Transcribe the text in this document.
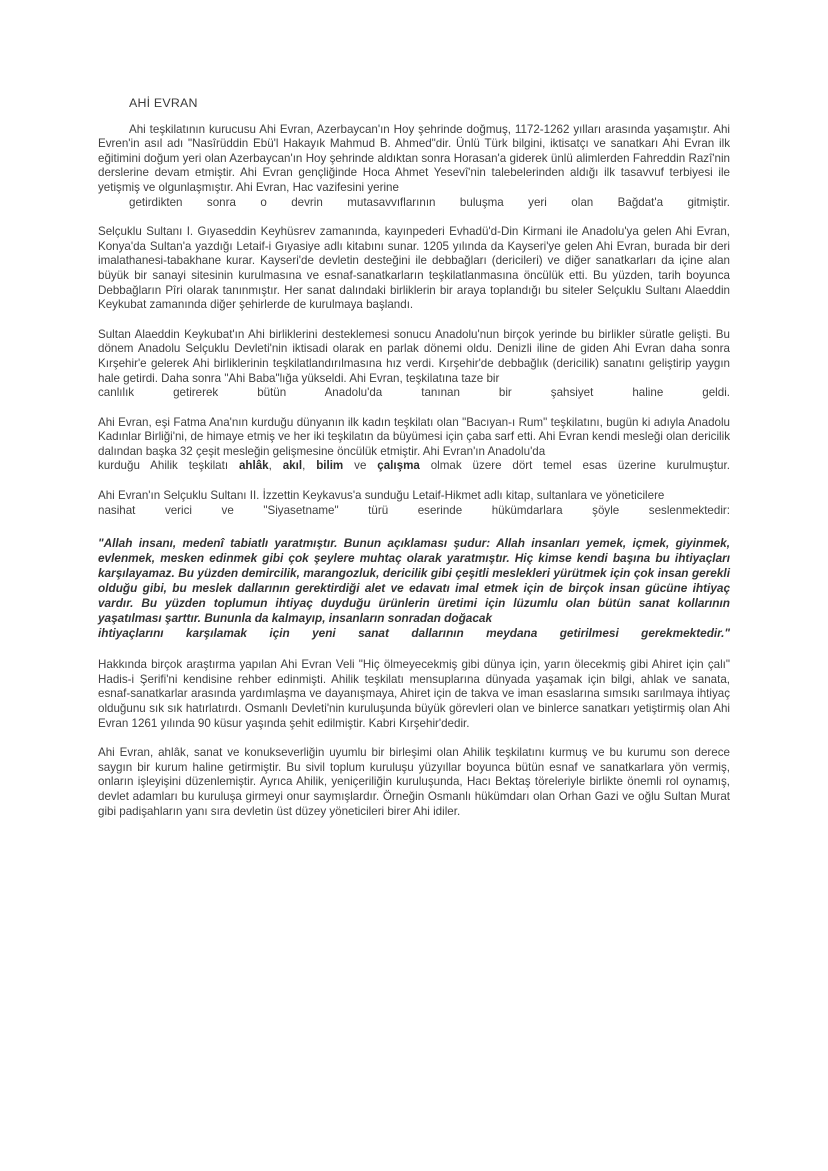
AHİ EVRAN

Ahi teşkilatının kurucusu Ahi Evran, Azerbaycan'ın Hoy şehrinde doğmuş, 1172-1262 yılları arasında yaşamıştır. Ahi Evren'in asıl adı "Nasîrüddin Ebü'l Hakayık Mahmud B. Ahmed"dir. Ünlü Türk bilgini, iktisatçı ve sanatkarı Ahi Evran ilk eğitimini doğum yeri olan Azerbaycan'ın Hoy şehrinde aldıktan sonra Horasan'a giderek ünlü alimlerden Fahreddin Razî'nin derslerine devam etmiştir. Ahi Evran gençliğinde Hoca Ahmet Yesevî'nin talebelerinden aldığı ilk tasavvuf terbiyesi ile yetişmiş ve olgunlaşmıştır. Ahi Evran, Hac vazifesini yerine
getirdikten sonra o devrin mutasavvıflarının buluşma yeri olan Bağdat'a gitmiştir.

Selçuklu Sultanı I. Gıyaseddin Keyhüsrev zamanında, kayınpederi Evhadü'd-Din Kirmani ile Anadolu'ya gelen Ahi Evran, Konya'da Sultan'a yazdığı Letaif-i Gıyasiye adlı kitabını sunar. 1205 yılında da Kayseri'ye gelen Ahi Evran, burada bir deri imalathanesi-tabakhane kurar. Kayseri'de devletin desteğini ile debbağları (dericileri) ve diğer sanatkarları da içine alan büyük bir sanayi sitesinin kurulmasına ve esnaf-sanatkarların teşkilatlanmasına öncülük etti. Bu yüzden, tarih boyunca Debbağların Pîri olarak tanınmıştır. Her sanat dalındaki birliklerin bir araya toplandığı bu siteler Selçuklu Sultanı Alaeddin Keykubat zamanında diğer şehirlerde de kurulmaya başlandı.

Sultan Alaeddin Keykubat'ın Ahi birliklerini desteklemesi sonucu Anadolu'nun birçok yerinde bu birlikler süratle gelişti. Bu dönem Anadolu Selçuklu Devleti'nin iktisadi olarak en parlak dönemi oldu. Denizli iline de giden Ahi Evran daha sonra Kırşehir'e gelerek Ahi birliklerinin teşkilatlandırılmasına hız verdi. Kırşehir'de debbağlık (dericilik) sanatını geliştirip yaygın hale getirdi. Daha sonra "Ahi Baba"lığa yükseldi. Ahi Evran, teşkilatına taze bir
canlılık getirerek bütün Anadolu'da tanınan bir şahsiyet haline geldi.

Ahi Evran, eşi Fatma Ana'nın kurduğu dünyanın ilk kadın teşkilatı olan "Bacıyan-ı Rum" teşkilatını, bugün ki adıyla Anadolu Kadınlar Birliği'ni, de himaye etmiş ve her iki teşkilatın da büyümesi için çaba sarf etti. Ahi Evran kendi mesleği olan dericilik dalından başka 32 çeşit mesleğin gelişmesine öncülük etmiştir. Ahi Evran'ın Anadolu'da
kurduğu Ahilik teşkilatı ahlâk, akıl, bilim ve çalışma olmak üzere dört temel esas üzerine kurulmuştur.

Ahi Evran'ın Selçuklu Sultanı II. İzzettin Keykavus'a sunduğu Letaif-Hikmet adlı kitap, sultanlara ve yöneticilere
nasihat verici ve "Siyasetname" türü eserinde hükümdarlara şöyle seslenmektedir:

"Allah insanı, medenî tabiatlı yaratmıştır. Bunun açıklaması şudur: Allah insanları yemek, içmek, giyinmek, evlenmek, mesken edinmek gibi çok şeylere muhtaç olarak yaratmıştır. Hiç kimse kendi başına bu ihtiyaçları karşılayamaz. Bu yüzden demircilik, marangozluk, dericilik gibi çeşitli meslekleri yürütmek için çok insan gerekli olduğu gibi, bu meslek dallarının gerektirdiği alet ve edavatı imal etmek için de birçok insan gücüne ihtiyaç vardır. Bu yüzden toplumun ihtiyaç duyduğu ürünlerin üretimi için lüzumlu olan bütün sanat kollarının yaşatılması şarttır. Bununla da kalmayıp, insanların sonradan doğacak
ihtiyaçlarını karşılamak için yeni sanat dallarının meydana getirilmesi gerekmektedir."

Hakkında birçok araştırma yapılan Ahi Evran Veli "Hiç ölmeyecekmiş gibi dünya için, yarın ölecekmiş gibi Ahiret için çalı" Hadis-i Şerifi'ni kendisine rehber edinmişti. Ahilik teşkilatı mensuplarına dünyada yaşamak için bilgi, ahlak ve sanata, esnaf-sanatkarlar arasında yardımlaşma ve dayanışmaya, Ahiret için de takva ve iman esaslarına sımsıkı sarılmaya ihtiyaç olduğunu sık sık hatırlatırdı. Osmanlı Devleti'nin kuruluşunda büyük görevleri olan ve binlerce sanatkarı yetiştirmiş olan Ahi Evran 1261 yılında 90 küsur yaşında şehit edilmiştir. Kabri Kırşehir'dedir.

Ahi Evran, ahlâk, sanat ve konukseverliğin uyumlu bir birleşimi olan Ahilik teşkilatını kurmuş ve bu kurumu son derece saygın bir kurum haline getirmiştir. Bu sivil toplum kuruluşu yüzyıllar boyunca bütün esnaf ve sanatkarlara yön vermiş, onların işleyişini düzenlemiştir. Ayrıca Ahilik, yeniçeriliğin kuruluşunda, Hacı Bektaş töreleriyle birlikte önemli rol oynamış, devlet adamları bu kuruluşa girmeyi onur saymışlardır. Örneğin Osmanlı hükümdarı olan Orhan Gazi ve oğlu Sultan Murat gibi padişahların yanı sıra devletin üst düzey yöneticileri birer Ahi idiler.
